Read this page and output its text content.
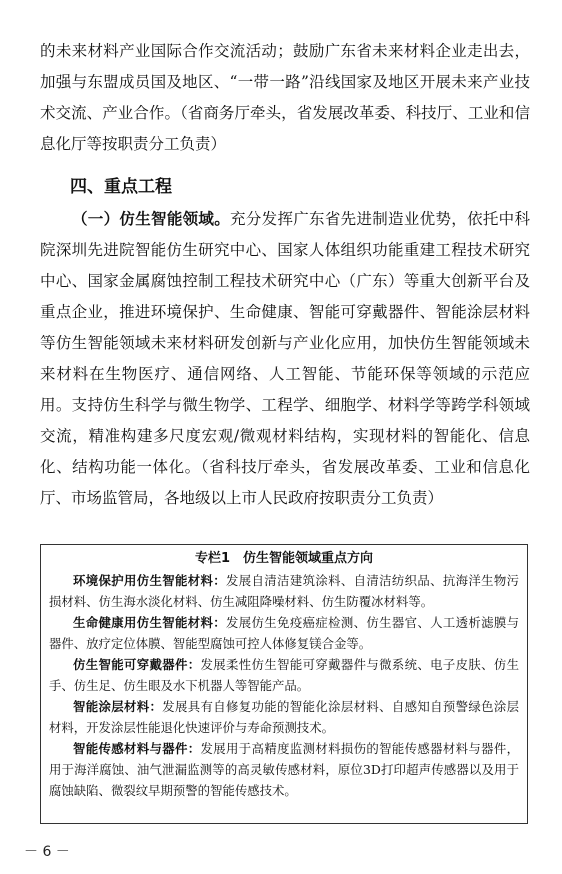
的未来材料产业国际合作交流活动；鼓励广东省未来材料企业走出去，加强与东盟成员国及地区、“一带一路”沿线国家及地区开展未来产业技术交流、产业合作。（省商务厅牵头，省发展改革委、科技厅、工业和信息化厅等按职责分工负责）

四、重点工程

（一）仿生智能领域。充分发挥广东省先进制造业优势，依托中科院深圳先进院智能仿生研究中心、国家人体组织功能重建工程技术研究中心、国家金属腐蚀控制工程技术研究中心（广东）等重大创新平台及重点企业，推进环境保护、生命健康、智能可穿戴器件、智能涂层材料等仿生智能领域未来材料研发创新与产业化应用，加快仿生智能领域未来材料在生物医疗、通信网络、人工智能、节能环保等领域的示范应用。支持仿生科学与微生物学、工程学、细胞学、材料学等跨学科领域交流，精准构建多尺度宏观/微观材料结构，实现材料的智能化、信息化、结构功能一体化。（省科技厅牵头，省发展改革委、工业和信息化厅、市场监管局，各地级以上市人民政府按职责分工负责）

专栏1　仿生智能领域重点方向

环境保护用仿生智能材料：发展自清洁建筑涂料、自清洁纺织品、抗海洋生物污损材料、仿生海水淡化材料、仿生减阻降噪材料、仿生防覆冰材料等。

生命健康用仿生智能材料：发展仿生免疫癌症检测、仿生器官、人工透析滤膜与器件、放疗定位体膜、智能型腐蚀可控人体修复镁合金等。

仿生智能可穿戴器件：发展柔性仿生智能可穿戴器件与微系统、电子皮肤、仿生手、仿生足、仿生眼及水下机器人等智能产品。

智能涂层材料：发展具有自修复功能的智能化涂层材料、自感知自预警绿色涂层材料，开发涂层性能退化快速评价与寿命预测技术。

智能传感材料与器件：发展用于高精度监测材料损伤的智能传感器材料与器件，用于海洋腐蚀、油气泄漏监测等的高灵敏传感材料，原位3D打印超声传感器以及用于腐蚀缺陷、微裂纹早期预警的智能传感技术。

－ 6 －
